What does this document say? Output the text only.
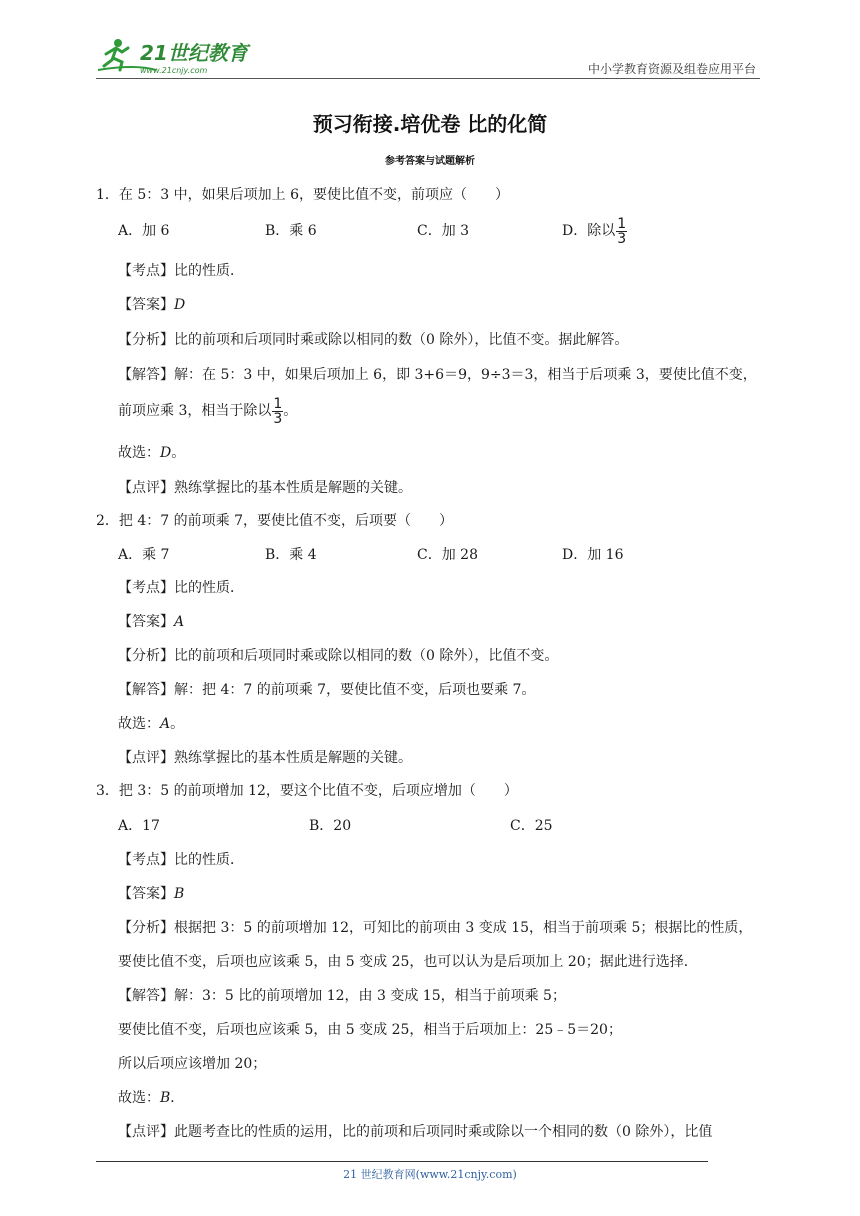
21世纪教育
www.21cnjy.com	中小学教育资源及组卷应用平台
预习衔接.培优卷 比的化简
参考答案与试题解析
1．在 5：3 中，如果后项加上 6，要使比值不变，前项应（　　）
A．加 6	B．乘 6	C．加 3	D．除以 $\frac{1}{3}$
【考点】比的性质．
【答案】D
【分析】比的前项和后项同时乘或除以相同的数（0 除外），比值不变。据此解答。
【解答】解：在 5：3 中，如果后项加上 6，即 3+6＝9，9÷3＝3，相当于后项乘 3，要使比值不变，
前项应乘 3，相当于除以 $\frac{1}{3}$ 。
故选：D。
【点评】熟练掌握比的基本性质是解题的关键。
2．把 4：7 的前项乘 7，要使比值不变，后项要（　　）
A．乘 7	B．乘 4	C．加 28	D．加 16
【考点】比的性质．
【答案】A
【分析】比的前项和后项同时乘或除以相同的数（0 除外），比值不变。
【解答】解：把 4：7 的前项乘 7，要使比值不变，后项也要乘 7。
故选：A。
【点评】熟练掌握比的基本性质是解题的关键。
3．把 3：5 的前项增加 12，要这个比值不变，后项应增加（　　）
A．17	B．20	C．25
【考点】比的性质．
【答案】B
【分析】根据把 3：5 的前项增加 12，可知比的前项由 3 变成 15，相当于前项乘 5；根据比的性质，
要使比值不变，后项也应该乘 5，由 5 变成 25，也可以认为是后项加上 20；据此进行选择．
【解答】解：3：5 比的前项增加 12，由 3 变成 15，相当于前项乘 5；
要使比值不变，后项也应该乘 5，由 5 变成 25，相当于后项加上：25﹣5＝20；
所以后项应该增加 20；
故选：B．
【点评】此题考查比的性质的运用，比的前项和后项同时乘或除以一个相同的数（0 除外），比值
21 世纪教育网(www.21cnjy.com)
